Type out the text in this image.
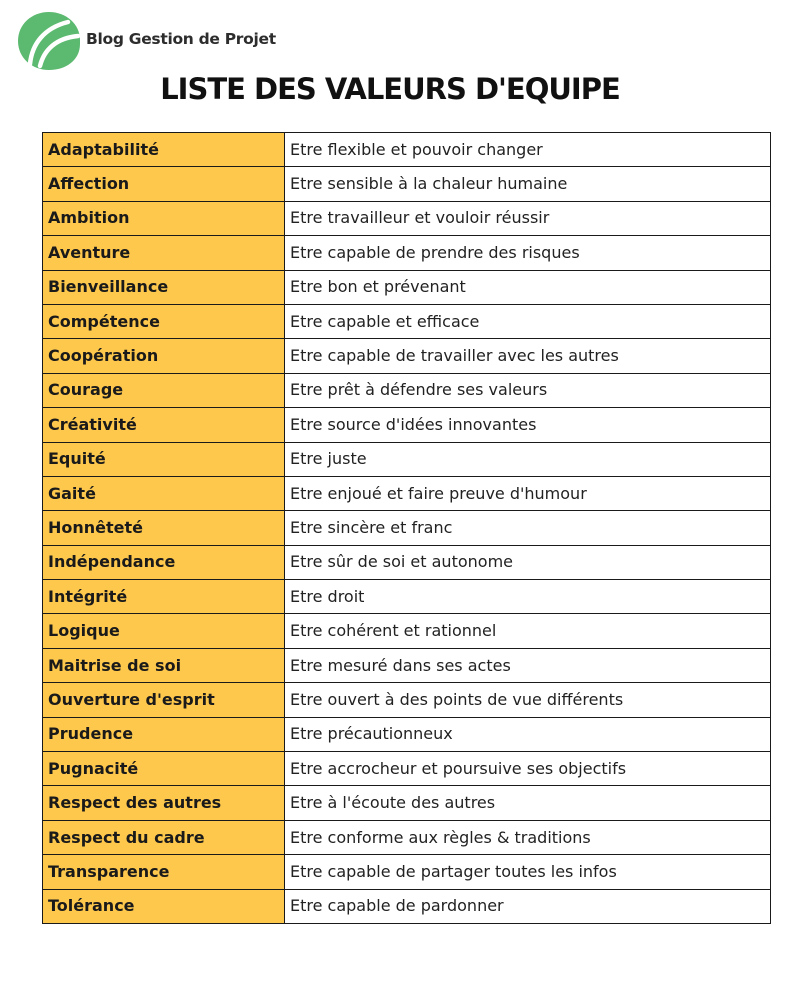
Blog Gestion de Projet
LISTE DES VALEURS D'EQUIPE
Adaptabilité	Etre flexible et pouvoir changer
Affection	Etre sensible à la chaleur humaine
Ambition	Etre travailleur et vouloir réussir
Aventure	Etre capable de prendre des risques
Bienveillance	Etre bon et prévenant
Compétence	Etre capable et efficace
Coopération	Etre capable de travailler avec les autres
Courage	Etre prêt à défendre ses valeurs
Créativité	Etre source d'idées innovantes
Equité	Etre juste
Gaité	Etre enjoué et faire preuve d'humour
Honnêteté	Etre sincère et franc
Indépendance	Etre sûr de soi et autonome
Intégrité	Etre droit
Logique	Etre cohérent et rationnel
Maitrise de soi	Etre mesuré dans ses actes
Ouverture d'esprit	Etre ouvert à des points de vue différents
Prudence	Etre précautionneux
Pugnacité	Etre accrocheur et poursuive ses objectifs
Respect des autres	Etre à l'écoute des autres
Respect du cadre	Etre conforme aux règles & traditions
Transparence	Etre capable de partager toutes les infos
Tolérance	Etre capable de pardonner
